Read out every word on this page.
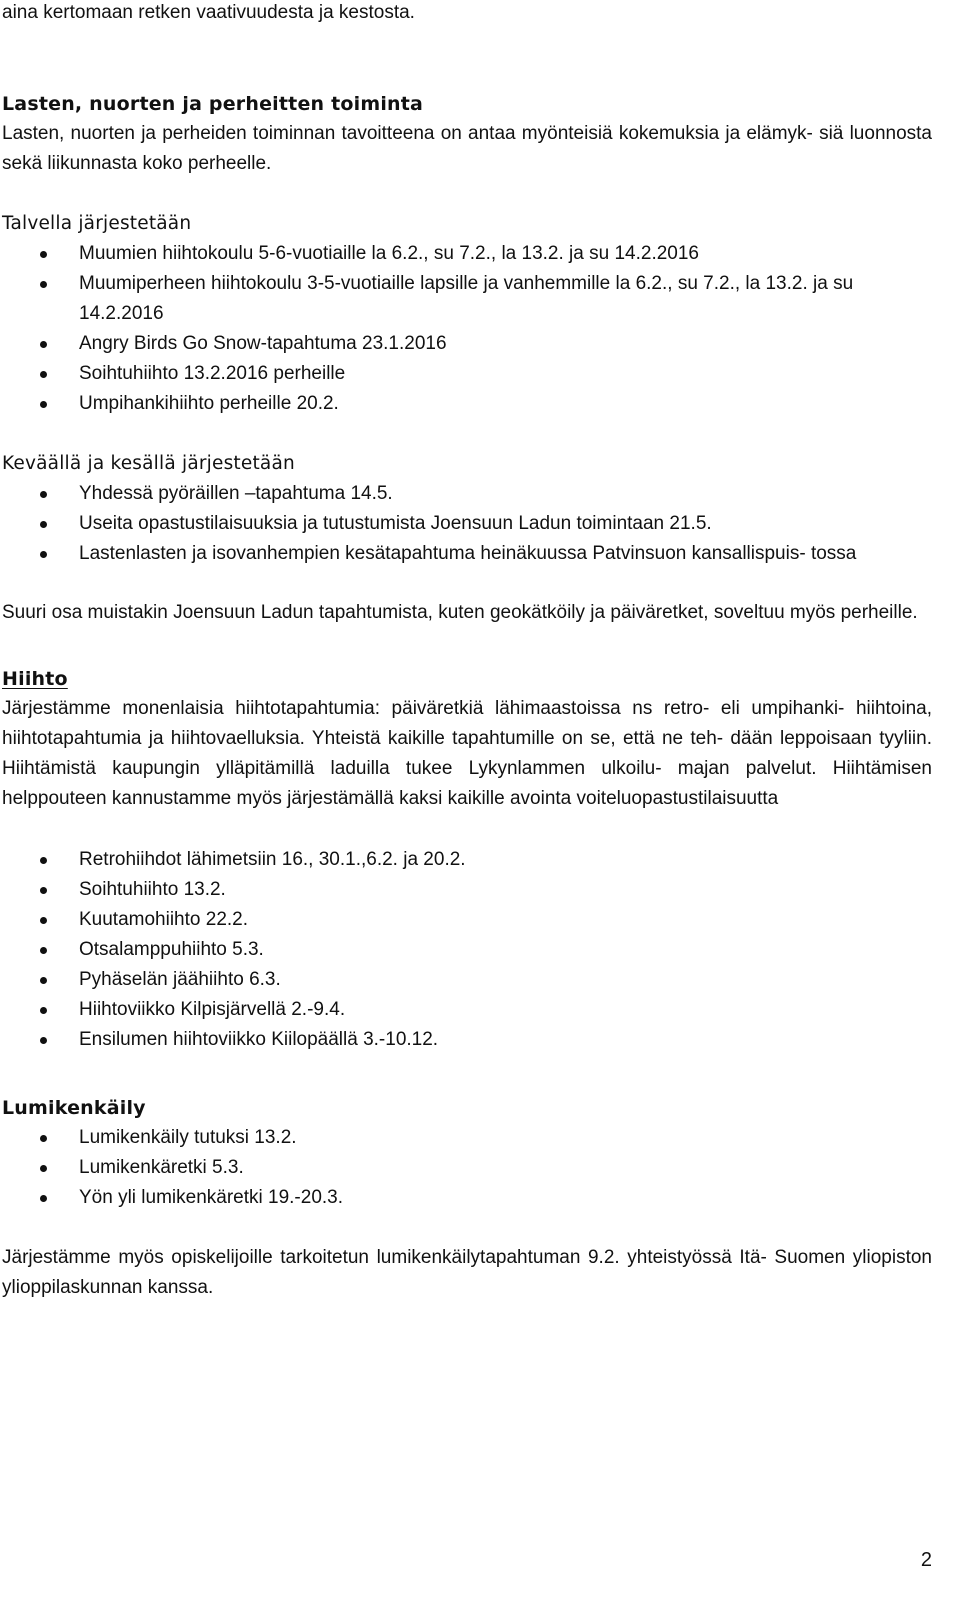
aina kertomaan retken vaativuudesta ja kestosta.

Lasten, nuorten ja perheitten toiminta

Lasten, nuorten ja perheiden toiminnan tavoitteena on antaa myönteisiä kokemuksia ja elämyk- siä luonnosta sekä liikunnasta koko perheelle.

Talvella järjestetään

Muumien hiihtokoulu 5-6-vuotiaille la 6.2., su 7.2., la 13.2. ja su 14.2.2016
Muumiperheen hiihtokoulu 3-5-vuotiaille lapsille ja vanhemmille la 6.2., su 7.2., la 13.2. ja su 14.2.2016
Angry Birds Go Snow-tapahtuma 23.1.2016
Soihtuhiihto 13.2.2016 perheille
Umpihankihiihto perheille 20.2.

Keväällä ja kesällä järjestetään

Yhdessä pyöräillen –tapahtuma 14.5.
Useita opastustilaisuuksia ja tutustumista Joensuun Ladun toimintaan 21.5.
Lastenlasten ja isovanhempien kesätapahtuma heinäkuussa Patvinsuon kansallispuis- tossa

Suuri osa muistakin Joensuun Ladun tapahtumista, kuten geokätköily ja päiväretket, soveltuu myös perheille.

Hiihto

Järjestämme monenlaisia hiihtotapahtumia: päiväretkiä lähimaastoissa ns retro- eli umpihanki- hiihtoina, hiihtotapahtumia ja hiihtovaelluksia. Yhteistä kaikille tapahtumille on se, että ne teh- dään leppoisaan tyyliin. Hiihtämistä kaupungin ylläpitämillä laduilla tukee Lykynlammen ulkoilu- majan palvelut. Hiihtämisen helppouteen kannustamme myös järjestämällä kaksi kaikille avointa voiteluopastustilaisuutta

Retrohiihdot lähimetsiin 16., 30.1.,6.2. ja 20.2.
Soihtuhiihto 13.2.
Kuutamohiihto 22.2.
Otsalamppuhiihto 5.3.
Pyhäselän jäähiihto 6.3.
Hiihtoviikko Kilpisjärvellä 2.-9.4.
Ensilumen hiihtoviikko Kiilopäällä 3.-10.12.

Lumikenkäily

Lumikenkäily tutuksi 13.2.
Lumikenkäretki 5.3.
Yön yli lumikenkäretki 19.-20.3.

Järjestämme myös opiskelijoille tarkoitetun lumikenkäilytapahtuman 9.2. yhteistyössä Itä- Suomen yliopiston ylioppilaskunnan kanssa.

2
